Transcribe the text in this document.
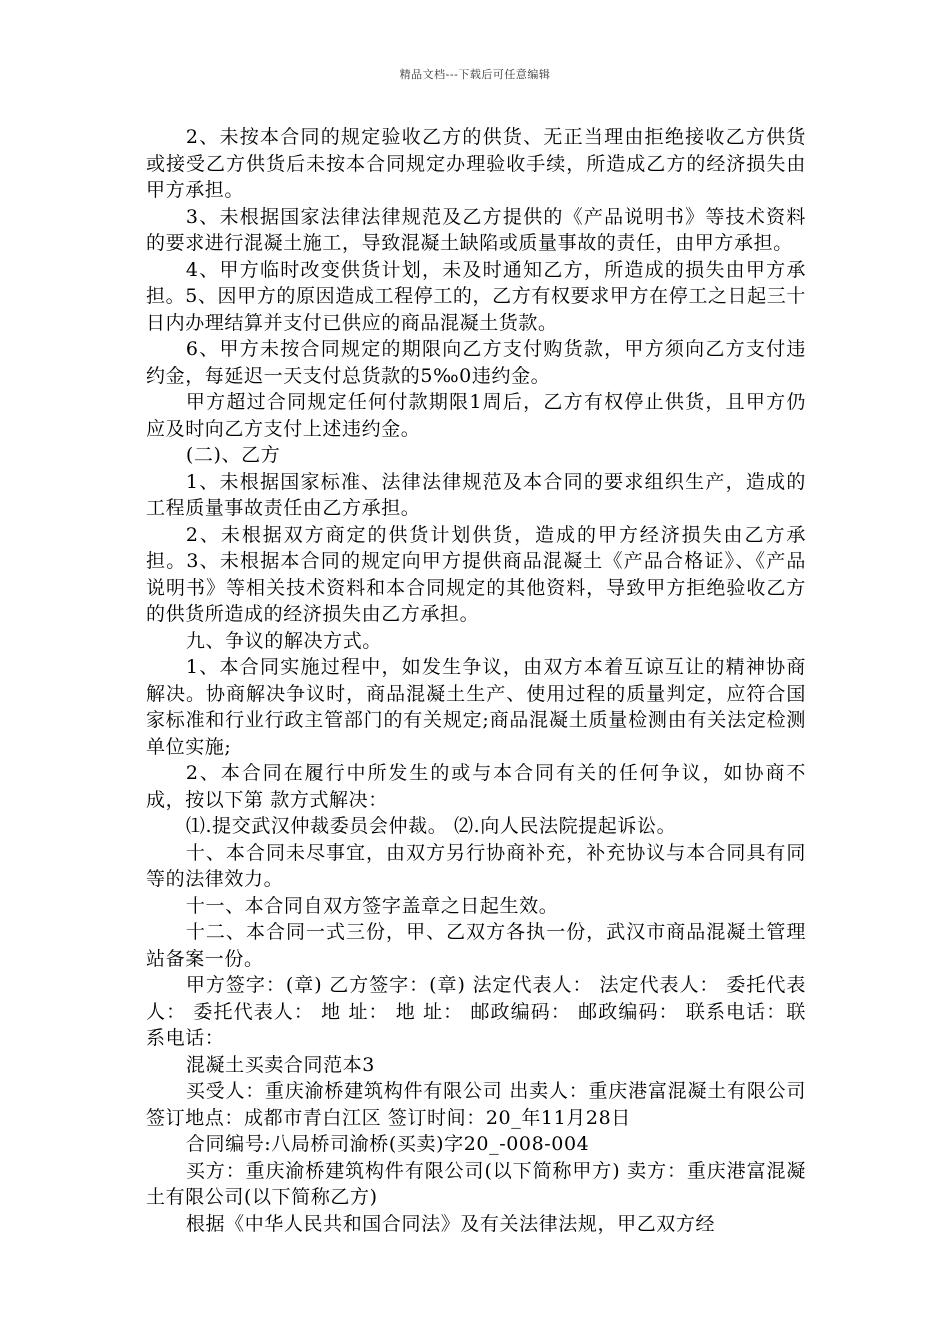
精品文档---下载后可任意编辑

2、未按本合同的规定验收乙方的供货、无正当理由拒绝接收乙方供货或接受乙方供货后未按本合同规定办理验收手续，所造成乙方的经济损失由甲方承担。

3、未根据国家法律法律规范及乙方提供的《产品说明书》等技术资料的要求进行混凝土施工，导致混凝土缺陷或质量事故的责任，由甲方承担。

4、甲方临时改变供货计划，未及时通知乙方，所造成的损失由甲方承担。5、因甲方的原因造成工程停工的，乙方有权要求甲方在停工之日起三十日内办理结算并支付已供应的商品混凝土货款。

6、甲方未按合同规定的期限向乙方支付购货款，甲方须向乙方支付违约金，每延迟一天支付总货款的5‰0违约金。

甲方超过合同规定任何付款期限1周后，乙方有权停止供货，且甲方仍应及时向乙方支付上述违约金。

(二)、乙方

1、未根据国家标准、法律法律规范及本合同的要求组织生产，造成的工程质量事故责任由乙方承担。

2、未根据双方商定的供货计划供货，造成的甲方经济损失由乙方承担。3、未根据本合同的规定向甲方提供商品混凝土《产品合格证》、《产品说明书》等相关技术资料和本合同规定的其他资料，导致甲方拒绝验收乙方的供货所造成的经济损失由乙方承担。

九、争议的解决方式。

1、本合同实施过程中，如发生争议，由双方本着互谅互让的精神协商解决。协商解决争议时，商品混凝土生产、使用过程的质量判定，应符合国家标准和行业行政主管部门的有关规定;商品混凝土质量检测由有关法定检测单位实施;

2、本合同在履行中所发生的或与本合同有关的任何争议，如协商不成，按以下第 款方式解决：

⑴.提交武汉仲裁委员会仲裁。 ⑵.向人民法院提起诉讼。

十、本合同未尽事宜，由双方另行协商补充，补充协议与本合同具有同等的法律效力。

十一、本合同自双方签字盖章之日起生效。

十二、本合同一式三份，甲、乙双方各执一份，武汉市商品混凝土管理站备案一份。

甲方签字：(章) 乙方签字：(章) 法定代表人： 法定代表人： 委托代表人： 委托代表人： 地 址： 地 址： 邮政编码： 邮政编码： 联系电话：联系电话：

混凝土买卖合同范本3

买受人：重庆渝桥建筑构件有限公司 出卖人：重庆港富混凝土有限公司 签订地点：成都市青白江区 签订时间：20_年11月28日

合同编号:八局桥司渝桥(买卖)字20_-008-004

买方：重庆渝桥建筑构件有限公司(以下简称甲方) 卖方：重庆港富混凝土有限公司(以下简称乙方)

根据《中华人民共和国合同法》及有关法律法规，甲乙双方经
